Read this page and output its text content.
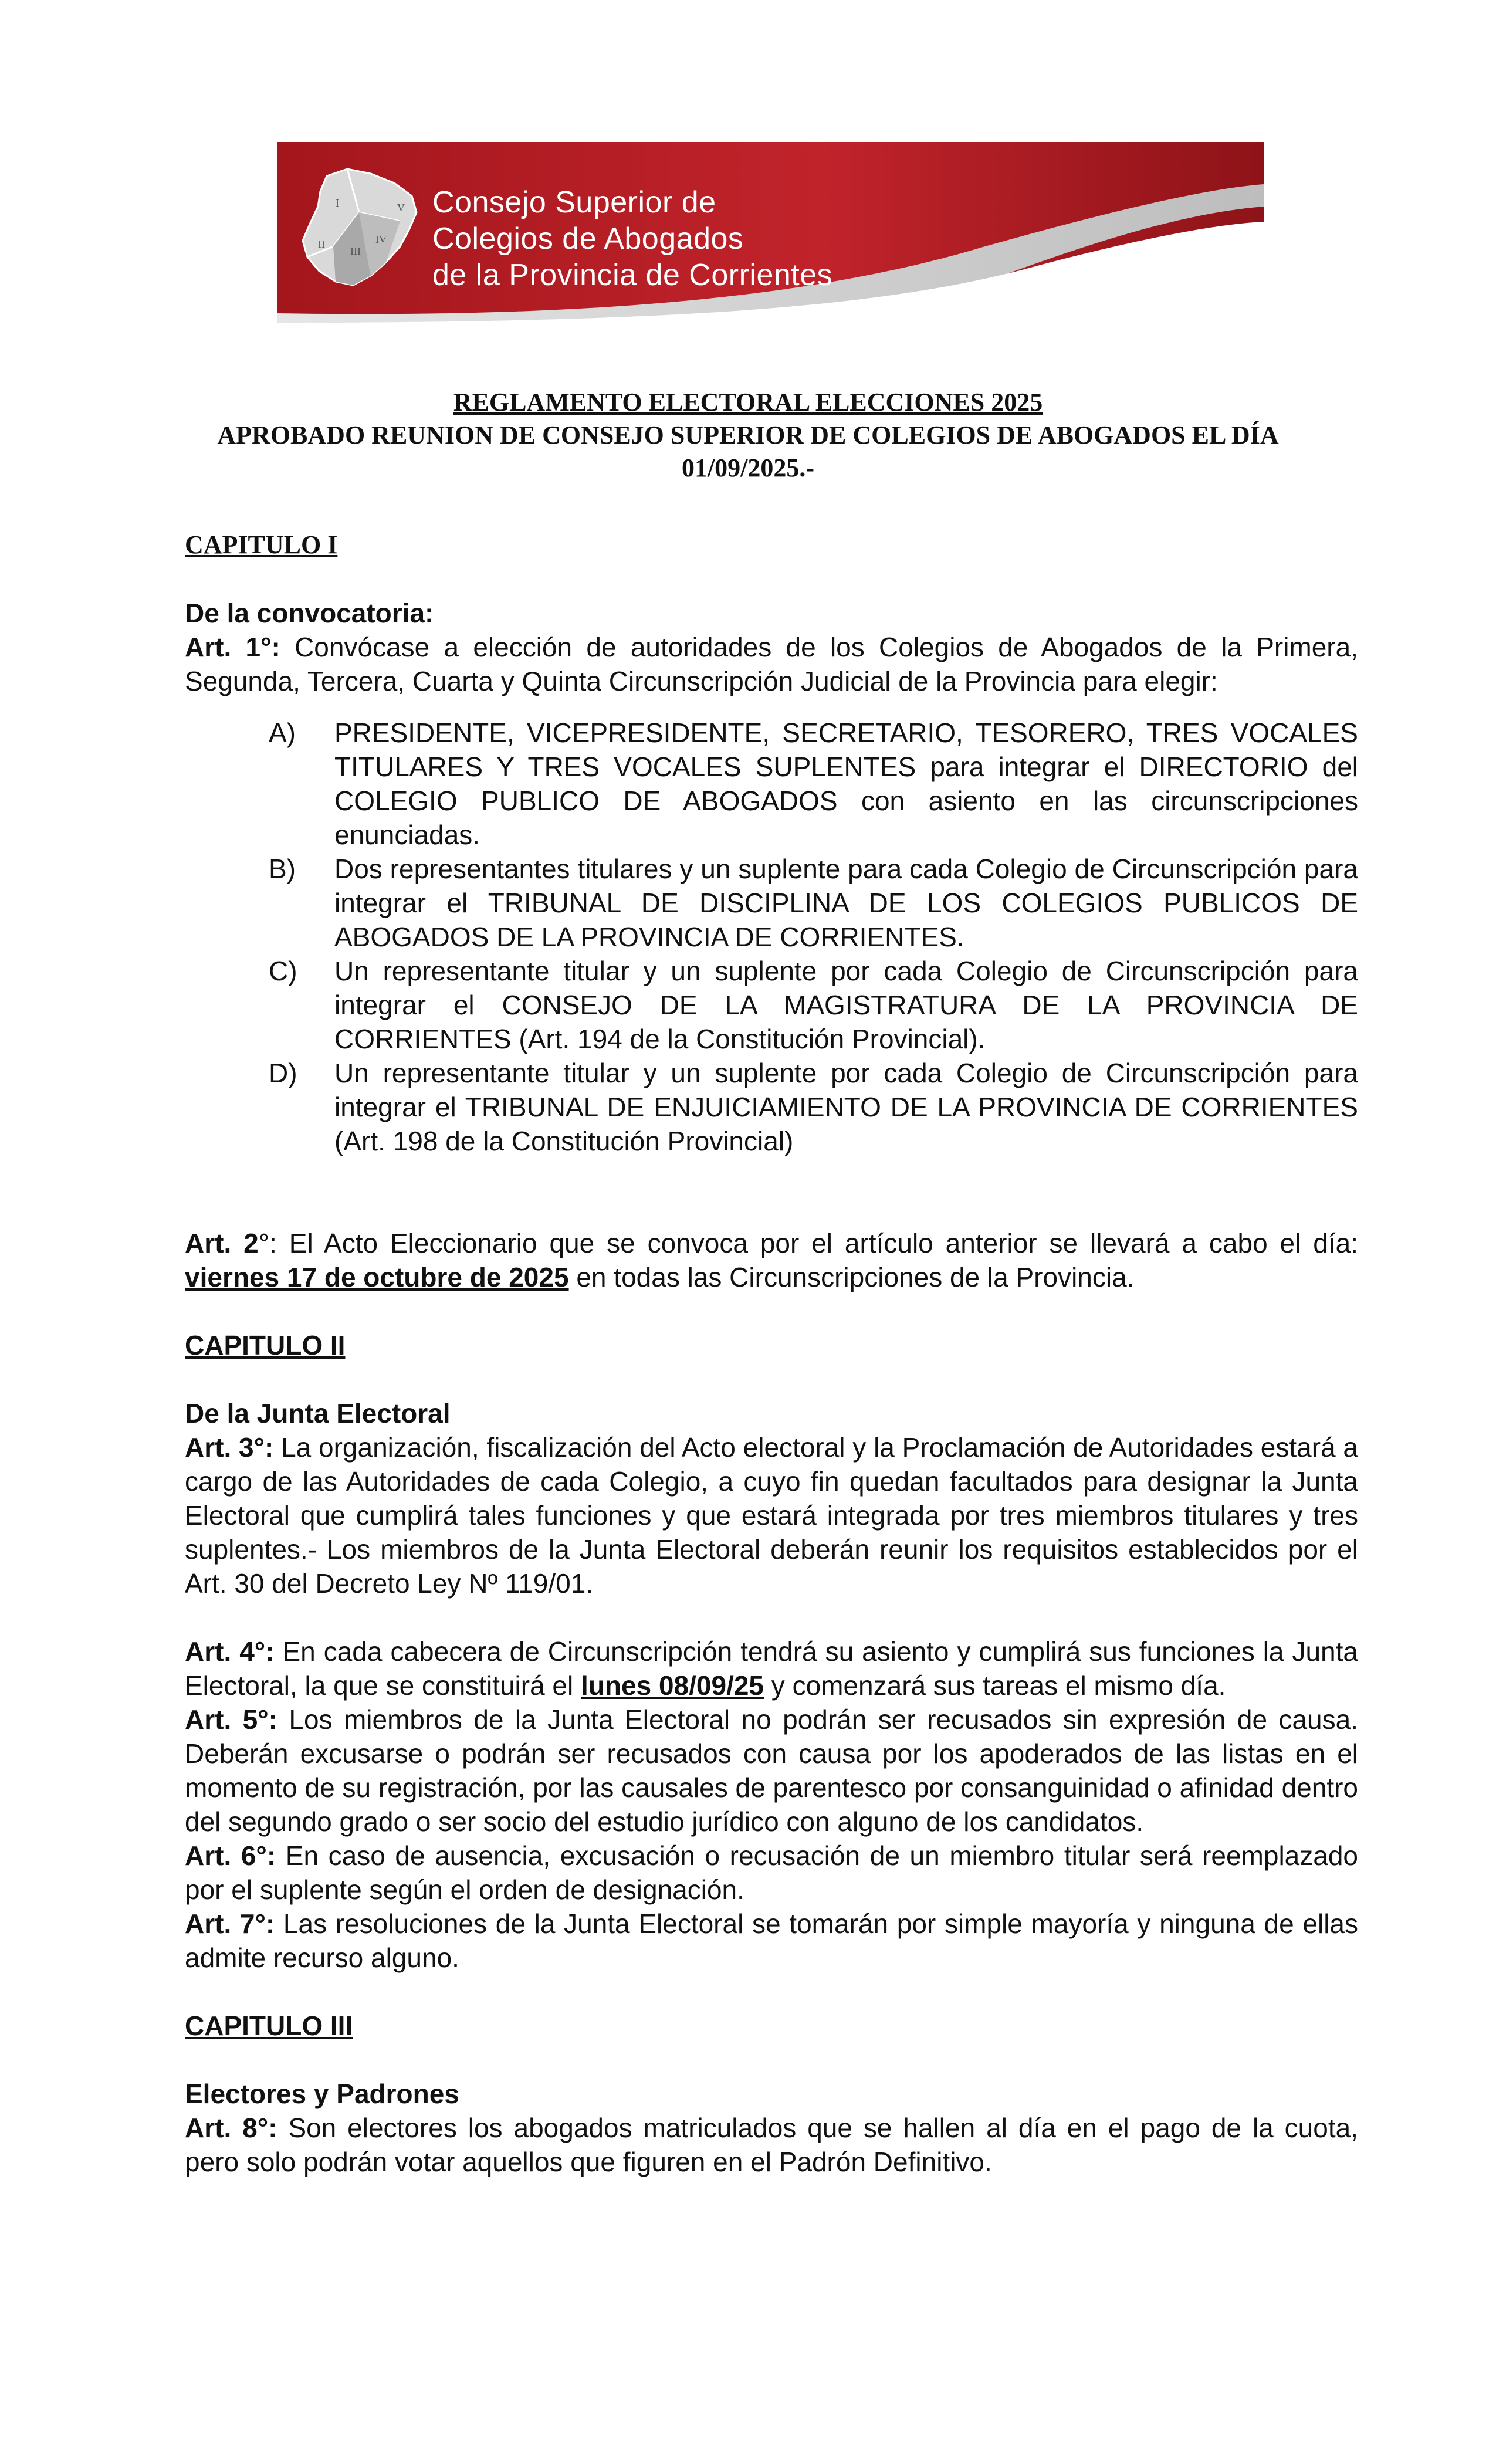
I
II
III
IV
V Consejo Superior de
Colegios de Abogados
de la Provincia de Corrientes
REGLAMENTO ELECTORAL ELECCIONES 2025
APROBADO REUNION DE CONSEJO SUPERIOR DE COLEGIOS DE ABOGADOS EL DÍA
01/09/2025.-

CAPITULO I

De la convocatoria:

Art. 1°: Convócase a elección de autoridades de los Colegios de Abogados de la Primera, Segunda, Tercera, Cuarta y Quinta Circunscripción Judicial de la Provincia para elegir:

A)	PRESIDENTE, VICEPRESIDENTE, SECRETARIO, TESORERO, TRES VOCALES TITULARES Y TRES VOCALES SUPLENTES para integrar el DIRECTORIO del COLEGIO PUBLICO DE ABOGADOS con asiento en las circunscripciones enunciadas.
B)	Dos representantes titulares y un suplente para cada Colegio de Circunscripción para integrar el TRIBUNAL DE DISCIPLINA DE LOS COLEGIOS PUBLICOS DE ABOGADOS DE LA PROVINCIA DE CORRIENTES.
C)	Un representante titular y un suplente por cada Colegio de Circunscripción para integrar el CONSEJO DE LA MAGISTRATURA DE LA PROVINCIA DE CORRIENTES (Art. 194 de la Constitución Provincial).
D)	Un representante titular y un suplente por cada Colegio de Circunscripción para integrar el TRIBUNAL DE ENJUICIAMIENTO DE LA PROVINCIA DE CORRIENTES (Art. 198 de la Constitución Provincial)

Art. 2°: El Acto Eleccionario que se convoca por el artículo anterior se llevará a cabo el día: viernes 17 de octubre de 2025 en todas las Circunscripciones de la Provincia.

CAPITULO II

De la Junta Electoral

Art. 3°: La organización, fiscalización del Acto electoral y la Proclamación de Autoridades estará a cargo de las Autoridades de cada Colegio, a cuyo fin quedan facultados para designar la Junta Electoral que cumplirá tales funciones y que estará integrada por tres miembros titulares y tres suplentes.- Los miembros de la Junta Electoral deberán reunir los requisitos establecidos por el Art. 30 del Decreto Ley Nº 119/01.

Art. 4°: En cada cabecera de Circunscripción tendrá su asiento y cumplirá sus funciones la Junta Electoral, la que se constituirá el lunes 08/09/25 y comenzará sus tareas el mismo día.

Art. 5°: Los miembros de la Junta Electoral no podrán ser recusados sin expresión de causa. Deberán excusarse o podrán ser recusados con causa por los apoderados de las listas en el momento de su registración, por las causales de parentesco por consanguinidad o afinidad dentro del segundo grado o ser socio del estudio jurídico con alguno de los candidatos.

Art. 6°: En caso de ausencia, excusación o recusación de un miembro titular será reemplazado por el suplente según el orden de designación.

Art. 7°: Las resoluciones de la Junta Electoral se tomarán por simple mayoría y ninguna de ellas admite recurso alguno.

CAPITULO III

Electores y Padrones

Art. 8°: Son electores los abogados matriculados que se hallen al día en el pago de la cuota, pero solo podrán votar aquellos que figuren en el Padrón Definitivo.
